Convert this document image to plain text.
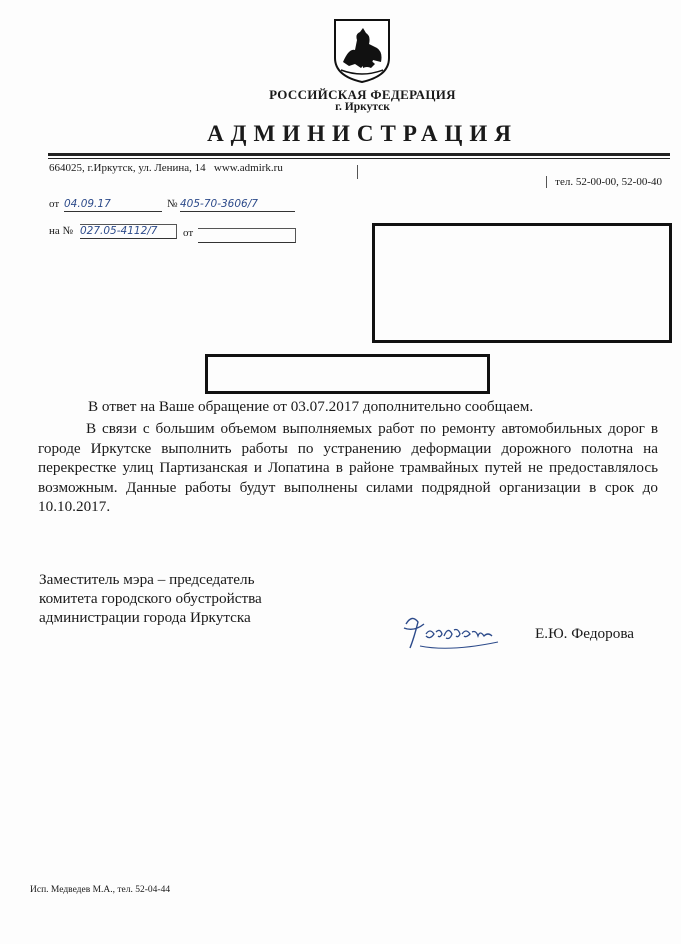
РОССИЙСКАЯ ФЕДЕРАЦИЯ
г. Иркутск
АДМИНИСТРАЦИЯ
664025, г.Иркутск, ул. Ленина, 14 www.admirk.ru
тел. 52-00-00, 52-00-40
от 04.09.17	№ 405-70-3606/7
на № 027.05-4112/7	от
В ответ на Ваше обращение от 03.07.2017 дополнительно сообщаем.
В связи с большим объемом выполняемых работ по ремонту автомобильных дорог в городе Иркутске выполнить работы по устранению деформации дорожного полотна на перекрестке улиц Партизанская и Лопатина в районе трамвайных путей не предоставлялось возможным. Данные работы будут выполнены силами подрядной организации в срок до 10.10.2017.
Заместитель мэра – председатель
комитета городского обустройства
администрации города Иркутска
Е.Ю. Федорова
Исп. Медведев М.А., тел. 52-04-44
